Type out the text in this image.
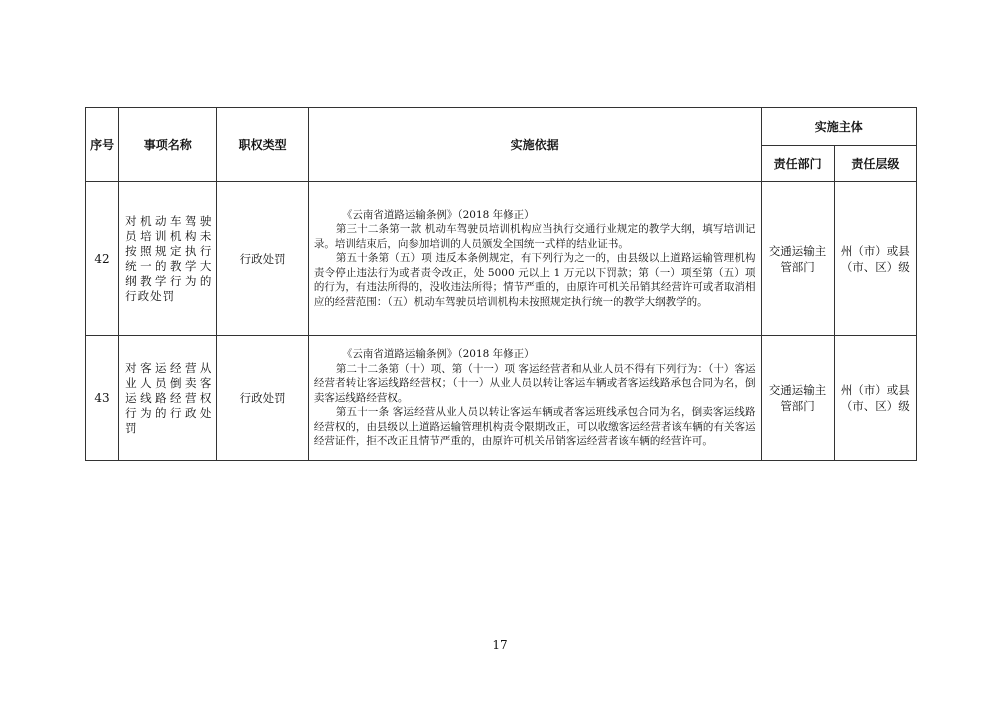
序号	事项名称	职权类型	实施依据	实施主体	
				责任部门	责任层级
42	对机动车驾驶员培训机构未按照规定执行统一的教学大纲教学行为的行政处罚	行政处罚	《云南省道路运输条例》（2018 年修正）

第三十二条第一款 机动车驾驶员培训机构应当执行交通行业规定的教学大纲，填写培训记录。培训结束后，向参加培训的人员颁发全国统一式样的结业证书。

第五十条第（五）项 违反本条例规定，有下列行为之一的，由县级以上道路运输管理机构责令停止违法行为或者责令改正，处 5000 元以上 1 万元以下罚款；第（一）项至第（五）项的行为，有违法所得的，没收违法所得；情节严重的，由原许可机关吊销其经营许可或者取消相应的经营范围：（五）机动车驾驶员培训机构未按照规定执行统一的教学大纲教学的。	交通运输主管部门	州（市）或县（市、区）级
43	对客运经营从业人员倒卖客运线路经营权行为的行政处罚	行政处罚	《云南省道路运输条例》（2018 年修正）

第二十二条第（十）项、第（十一）项 客运经营者和从业人员不得有下列行为：（十）客运经营者转让客运线路经营权；（十一）从业人员以转让客运车辆或者客运线路承包合同为名，倒卖客运线路经营权。

第五十一条 客运经营从业人员以转让客运车辆或者客运班线承包合同为名，倒卖客运线路经营权的，由县级以上道路运输管理机构责令限期改正，可以收缴客运经营者该车辆的有关客运经营证件，拒不改正且情节严重的，由原许可机关吊销客运经营者该车辆的经营许可。	交通运输主管部门	州（市）或县（市、区）级
17
